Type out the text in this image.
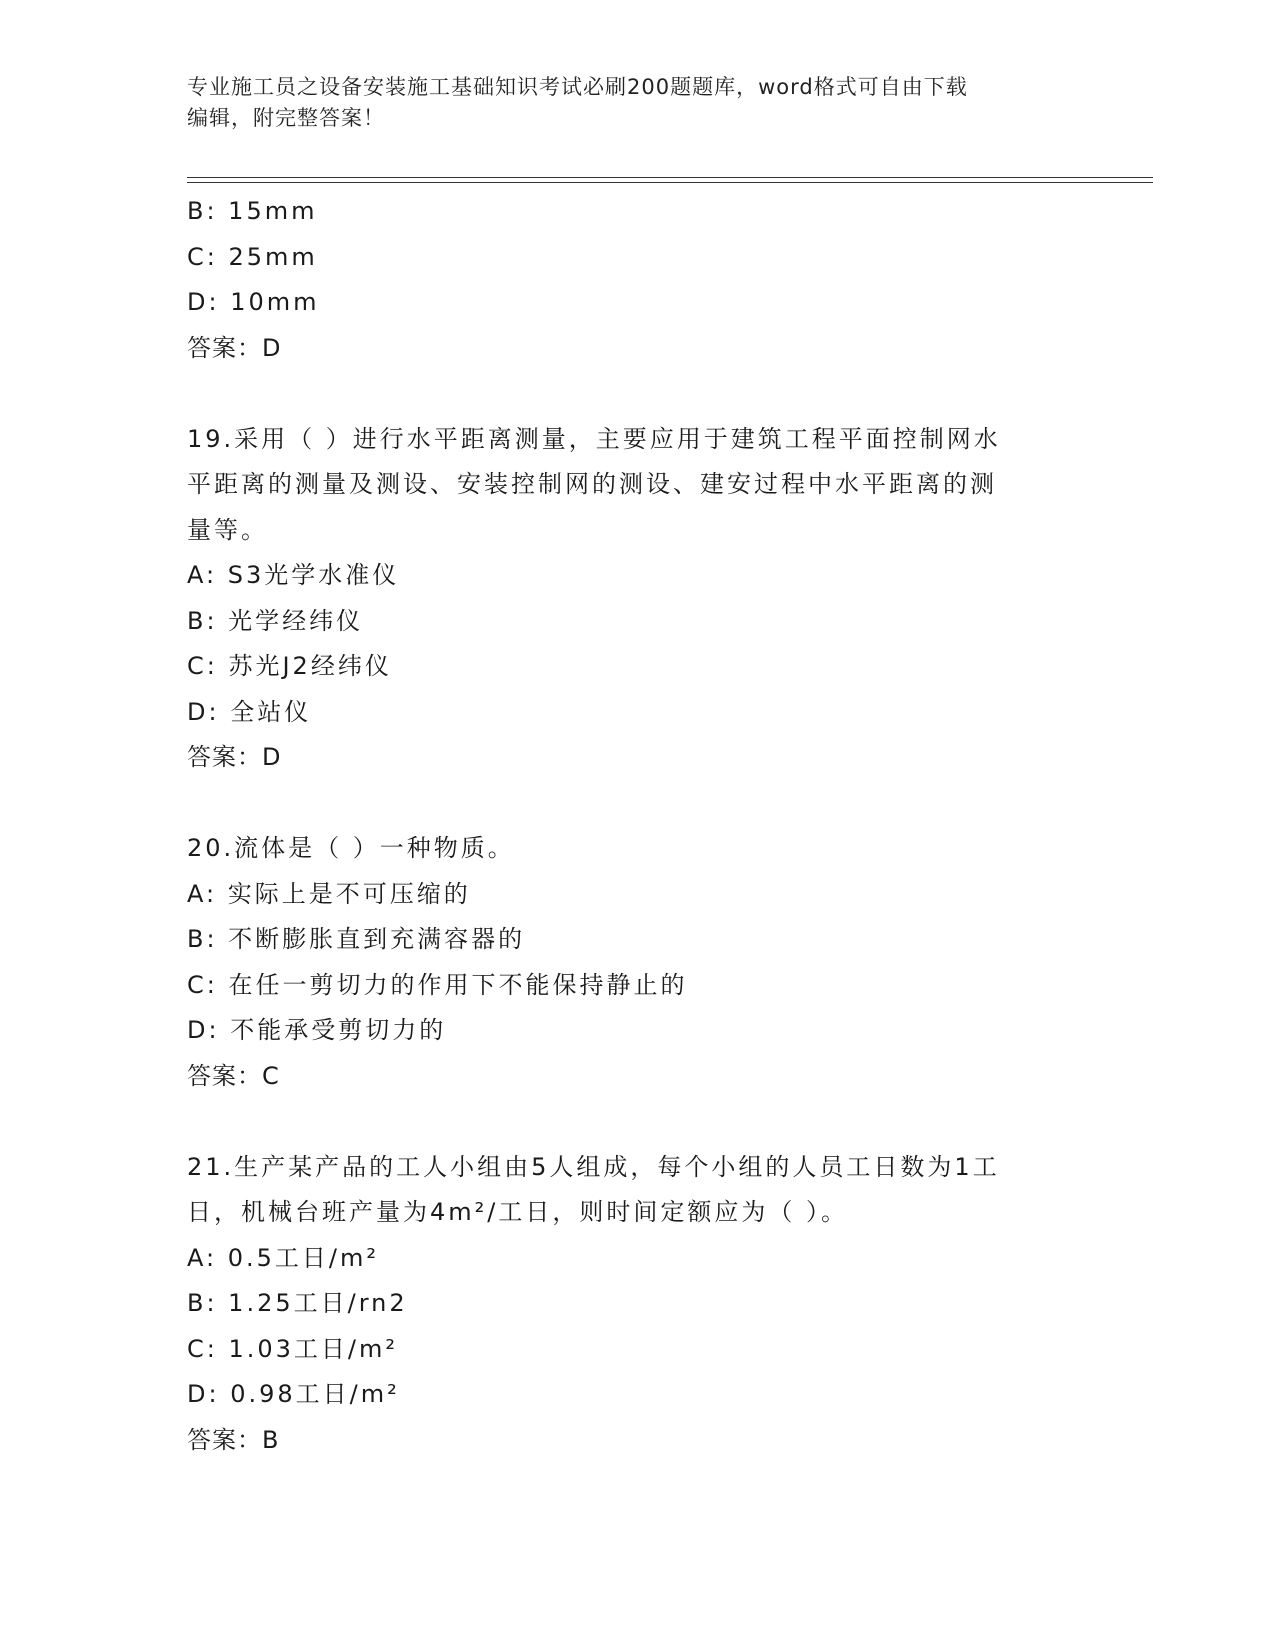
专业施工员之设备安装施工基础知识考试必刷200题题库，word格式可自由下载
编辑，附完整答案！
B: 15mm
C: 25mm
D: 10mm
答案：D
19.采用（ ）进行水平距离测量，主要应用于建筑工程平面控制网水
平距离的测量及测设、安装控制网的测设、建安过程中水平距离的测
量等。
A: S3光学水准仪
B: 光学经纬仪
C: 苏光J2经纬仪
D: 全站仪
答案：D
20.流体是（ ）一种物质。
A: 实际上是不可压缩的
B: 不断膨胀直到充满容器的
C: 在任一剪切力的作用下不能保持静止的
D: 不能承受剪切力的
答案：C
21.生产某产品的工人小组由5人组成，每个小组的人员工日数为1工
日，机械台班产量为4m²/工日，则时间定额应为（ ）。
A: 0.5工日/m²
B: 1.25工日/rn2
C: 1.03工日/m²
D: 0.98工日/m²
答案：B
